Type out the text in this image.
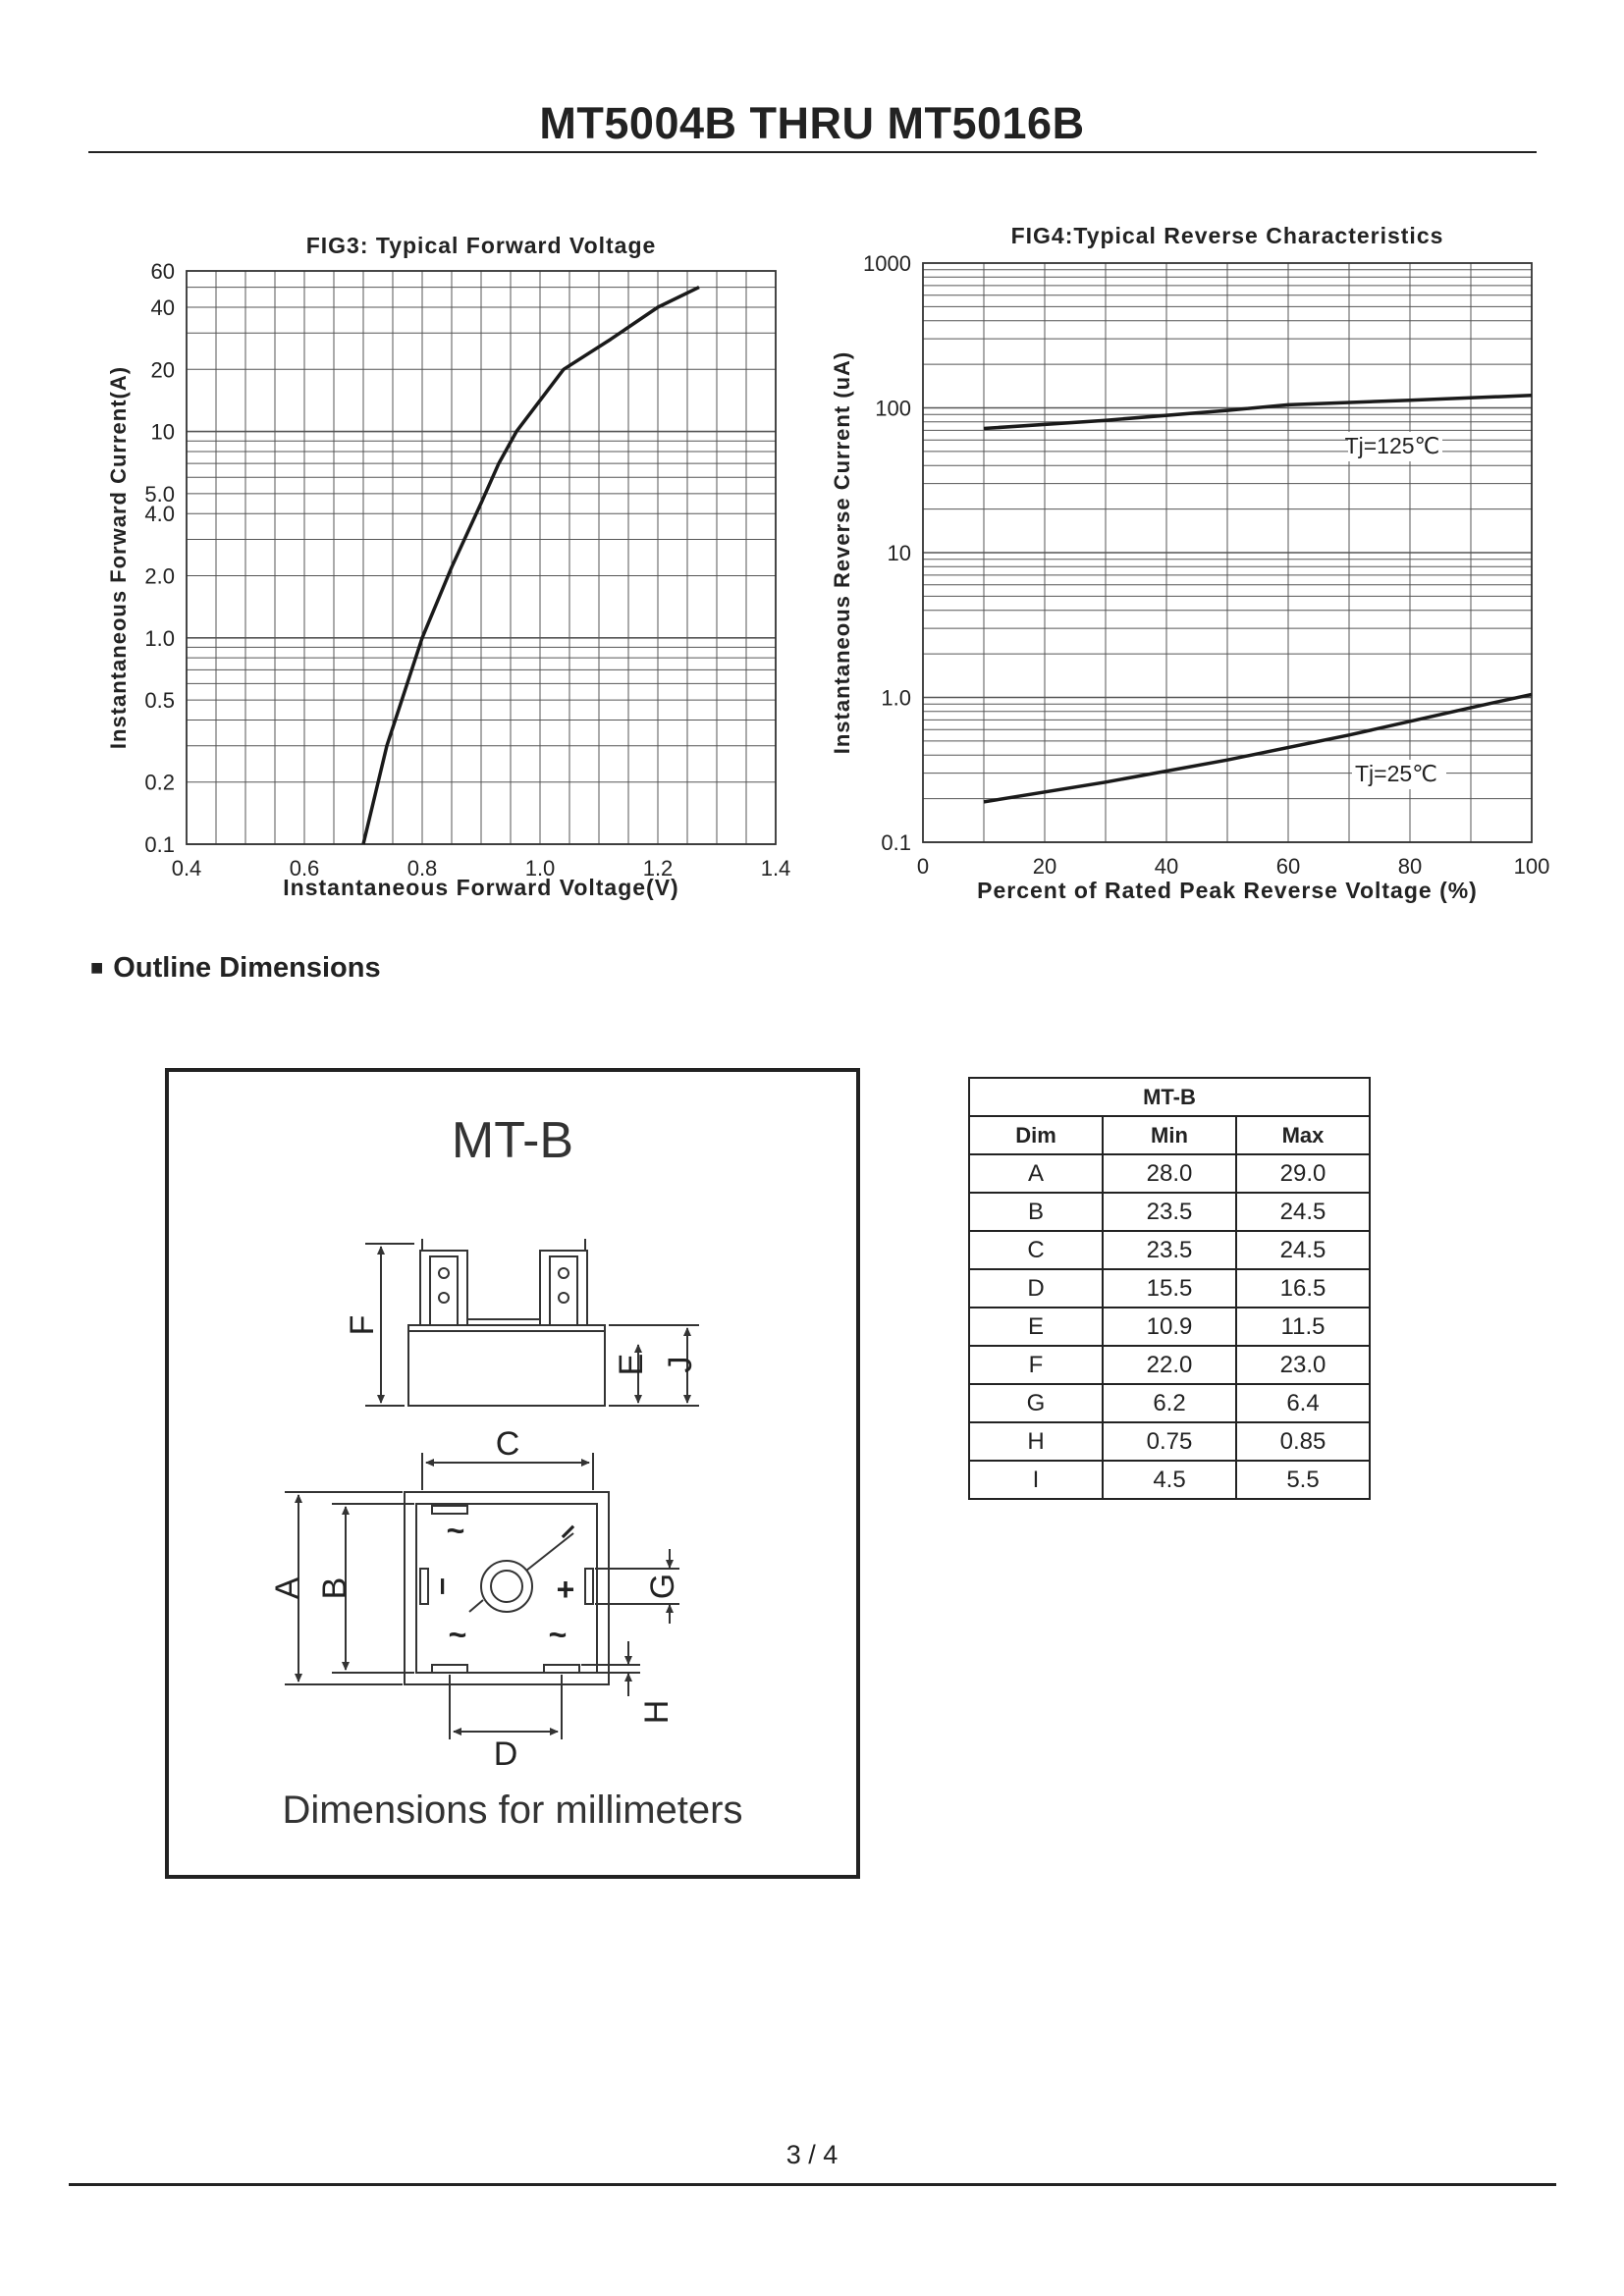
MT5004B THRU MT5016B
0.4	0.6	0.8	1.0	1.2	1.4
60
40
20
10
5.0
4.0
2.0
1.0
0.5
0.2
0.1
FIG3: Typical Forward Voltage
Instantaneous Forward Voltage(V)
Instantaneous Forward Current(A)
0	20	40	60	80	100
1000
100
10
1.0
0.1
FIG4:Typical Reverse Characteristics
Percent of Rated Peak Reverse Voltage (%)
Instantaneous Reverse Current (uA)	Tj=125℃
Tj=25℃
■ Outline Dimensions
MT-B
F
E J
C
A B	G
D
H
~
+
–
~	~
–
Dimensions for millimeters
MT-B		
Dim	Min	Max
A	28.0	29.0
B	23.5	24.5
C	23.5	24.5
D	15.5	16.5
E	10.9	11.5
F	22.0	23.0
G	6.2	6.4
H	0.75	0.85
I	4.5	5.5
3 / 4
